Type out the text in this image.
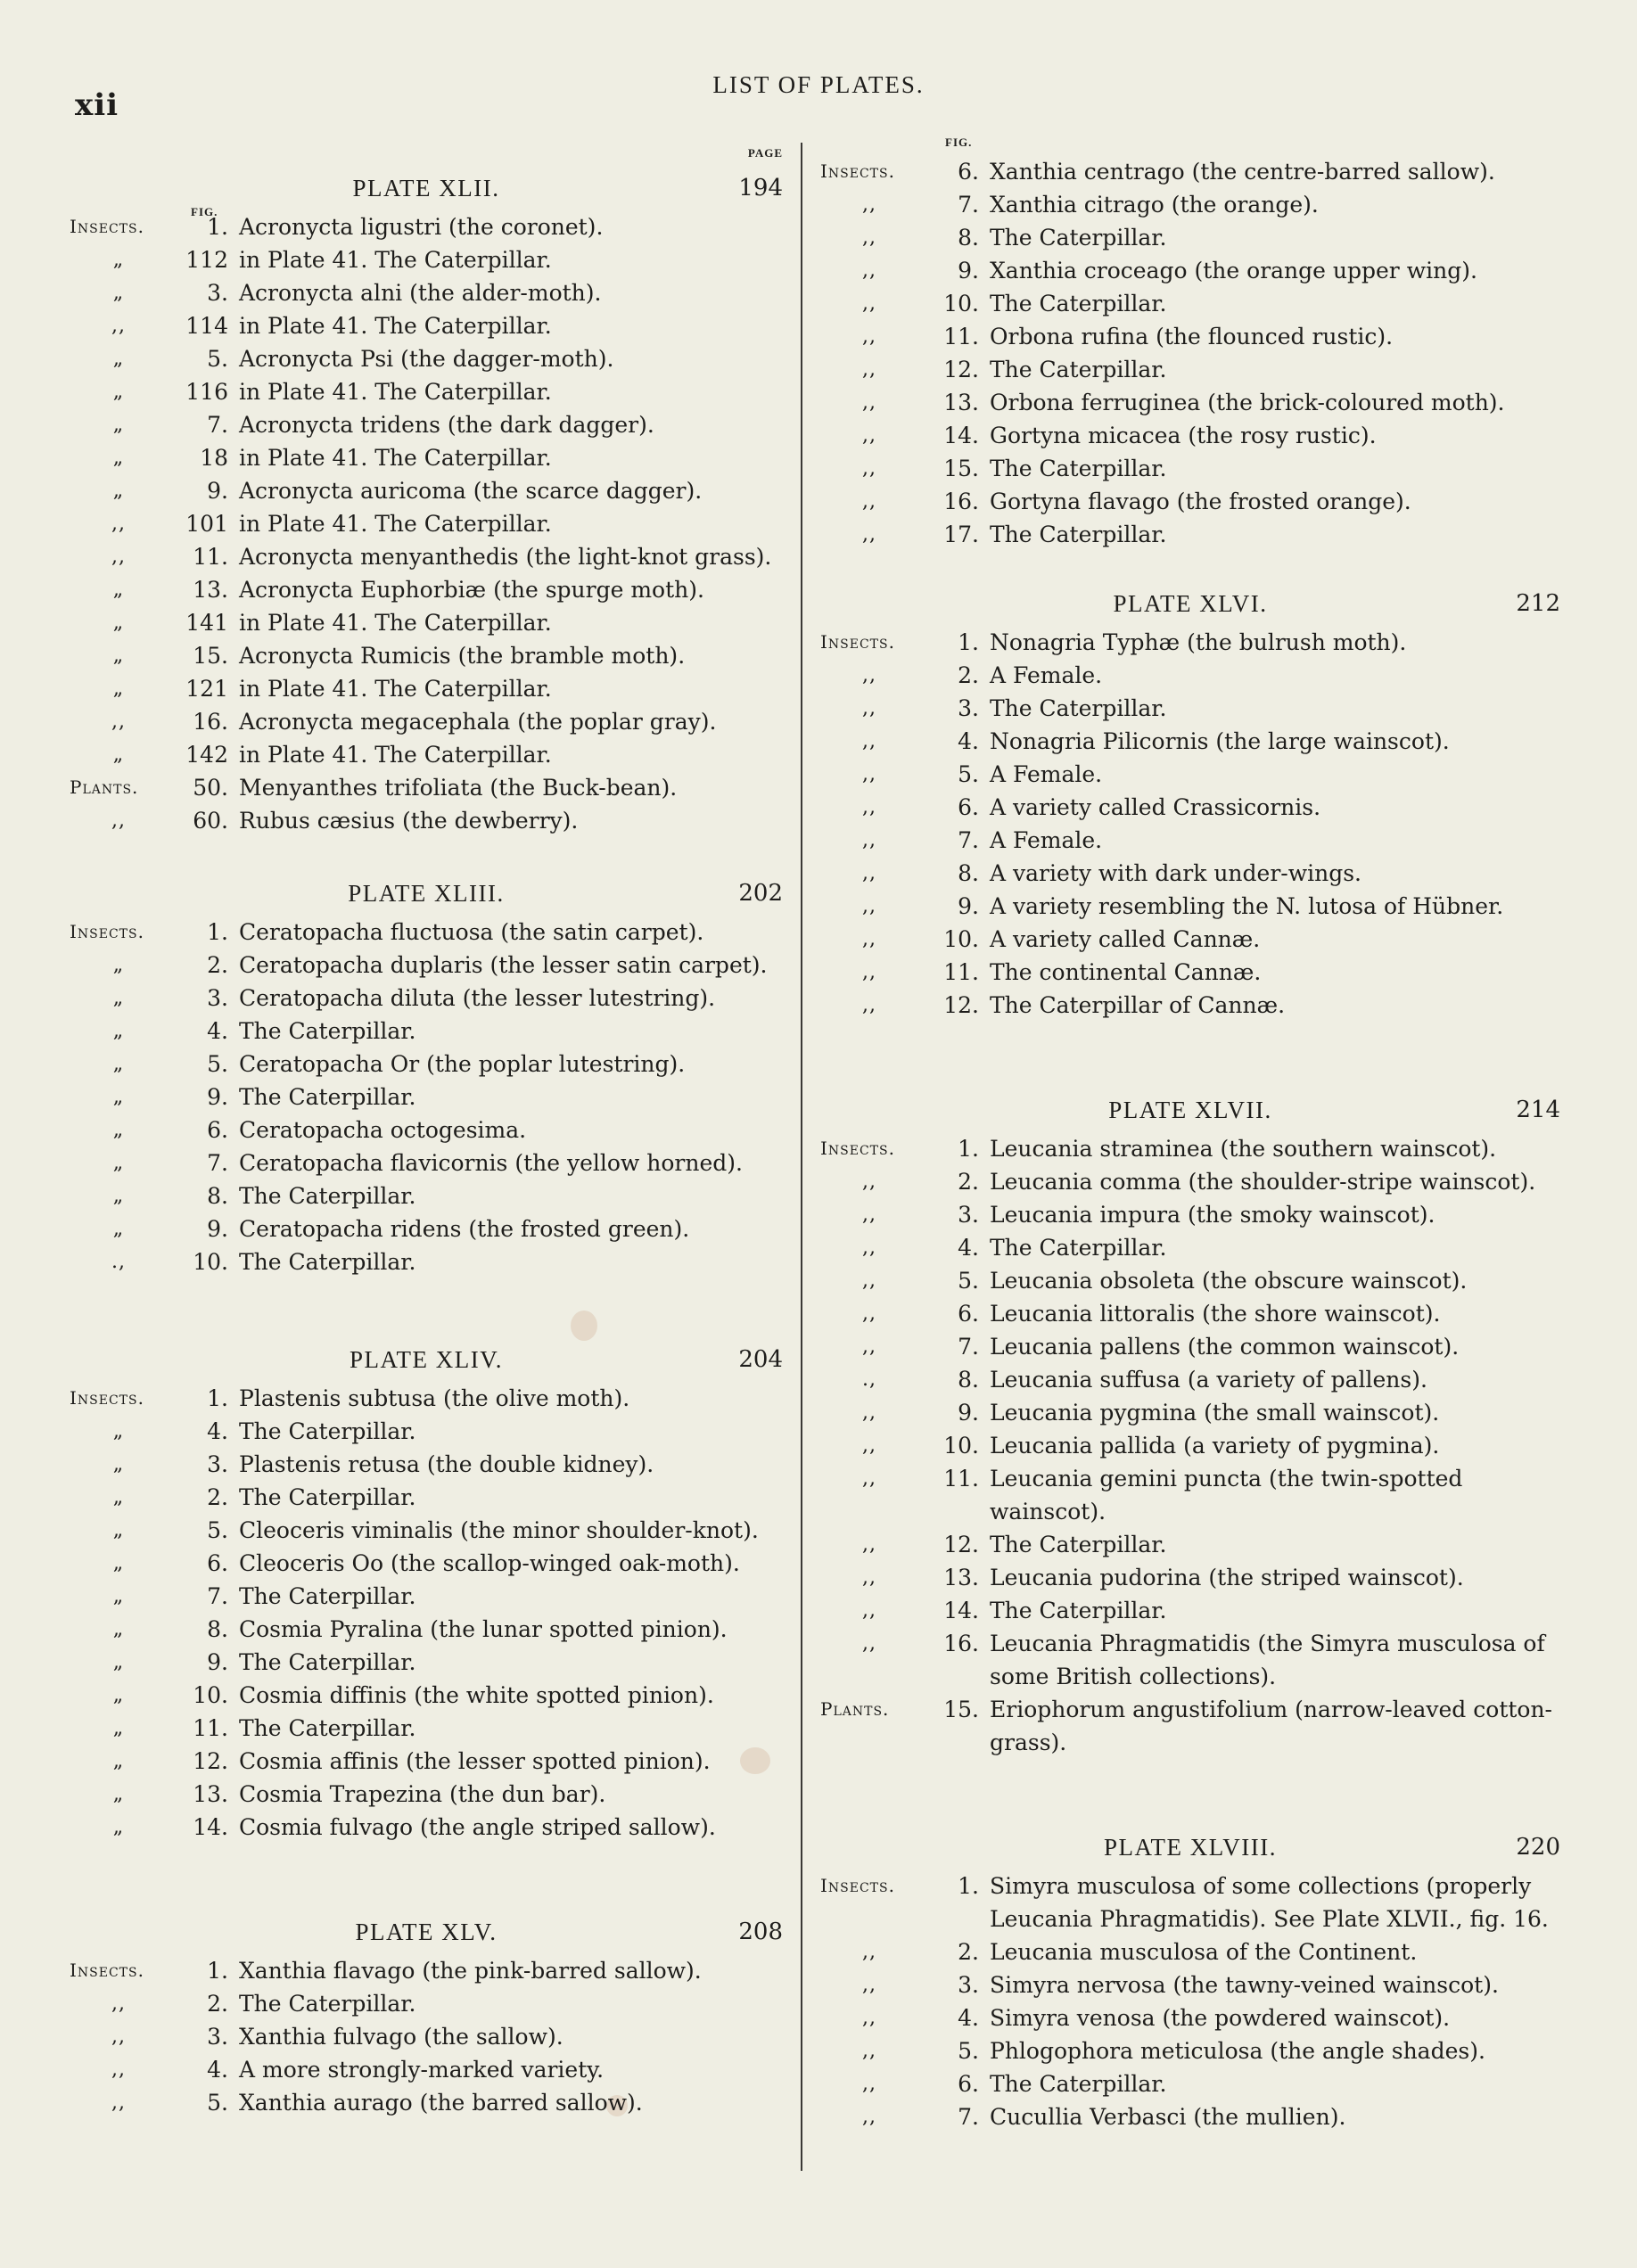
xii
LIST OF PLATES.
PAGE
FIG.
PLATE XLII.	194
Insects.	1. Acronycta ligustri (the coronet).
„	112 in Plate 41. The Caterpillar.
„	3. Acronycta alni (the alder-moth).
,,	114 in Plate 41. The Caterpillar.
„	5. Acronycta Psi (the dagger-moth).
„	116 in Plate 41. The Caterpillar.
„	7. Acronycta tridens (the dark dagger).
„	18 in Plate 41. The Caterpillar.
„	9. Acronycta auricoma (the scarce dagger).
,,	101 in Plate 41. The Caterpillar.
,,	11. Acronycta menyanthedis (the light-knot grass).
„	13. Acronycta Euphorbiæ (the spurge moth).
„	141 in Plate 41. The Caterpillar.
„	15. Acronycta Rumicis (the bramble moth).
„	121 in Plate 41. The Caterpillar.
,,	16. Acronycta megacephala (the poplar gray).
„	142 in Plate 41. The Caterpillar.
Plants.	50. Menyanthes trifoliata (the Buck-bean).
,,	60. Rubus cæsius (the dewberry).
PLATE XLIII.	202
Insects.	1. Ceratopacha fluctuosa (the satin carpet).
„	2. Ceratopacha duplaris (the lesser satin carpet).
„	3. Ceratopacha diluta (the lesser lutestring).
„	4. The Caterpillar.
„	5. Ceratopacha Or (the poplar lutestring).
„	9. The Caterpillar.
„	6. Ceratopacha octogesima.
„	7. Ceratopacha flavicornis (the yellow horned).
„	8. The Caterpillar.
„	9. Ceratopacha ridens (the frosted green).
.,	10. The Caterpillar.
PLATE XLIV.	204
Insects.	1. Plastenis subtusa (the olive moth).
„	4. The Caterpillar.
„	3. Plastenis retusa (the double kidney).
„	2. The Caterpillar.
„	5. Cleoceris viminalis (the minor shoulder-knot).
„	6. Cleoceris Oo (the scallop-winged oak-moth).
„	7. The Caterpillar.
„	8. Cosmia Pyralina (the lunar spotted pinion).
„	9. The Caterpillar.
„	10. Cosmia diffinis (the white spotted pinion).
„	11. The Caterpillar.
„	12. Cosmia affinis (the lesser spotted pinion).
„	13. Cosmia Trapezina (the dun bar).
„	14. Cosmia fulvago (the angle striped sallow).
PLATE XLV.	208
Insects.	1. Xanthia flavago (the pink-barred sallow).
,,	2. The Caterpillar.
,,	3. Xanthia fulvago (the sallow).
,,	4. A more strongly-marked variety.
,,	5. Xanthia aurago (the barred sallow).
FIG.
Insects.	6. Xanthia centrago (the centre-barred sallow).
,,	7. Xanthia citrago (the orange).
,,	8. The Caterpillar.
,,	9. Xanthia croceago (the orange upper wing).
,,	10. The Caterpillar.
,,	11. Orbona rufina (the flounced rustic).
,,	12. The Caterpillar.
,,	13. Orbona ferruginea (the brick-coloured moth).
,,	14. Gortyna micacea (the rosy rustic).
,,	15. The Caterpillar.
,,	16. Gortyna flavago (the frosted orange).
,,	17. The Caterpillar.
PLATE XLVI.	212
Insects.	1. Nonagria Typhæ (the bulrush moth).
,,	2. A Female.
,,	3. The Caterpillar.
,,	4. Nonagria Pilicornis (the large wainscot).
,,	5. A Female.
,,	6. A variety called Crassicornis.
,,	7. A Female.
,,	8. A variety with dark under-wings.
,,	9. A variety resembling the N. lutosa of Hübner.
,,	10. A variety called Cannæ.
,,	11. The continental Cannæ.
,,	12. The Caterpillar of Cannæ.
PLATE XLVII.	214
Insects.	1. Leucania straminea (the southern wainscot).
,,	2. Leucania comma (the shoulder-stripe wainscot).
,,	3. Leucania impura (the smoky wainscot).
,,	4. The Caterpillar.
,,	5. Leucania obsoleta (the obscure wainscot).
,,	6. Leucania littoralis (the shore wainscot).
,,	7. Leucania pallens (the common wainscot).
.,	8. Leucania suffusa (a variety of pallens).
,,	9. Leucania pygmina (the small wainscot).
,,	10. Leucania pallida (a variety of pygmina).
,,	11. Leucania gemini puncta (the twin-spotted wainscot).
,,	12. The Caterpillar.
,,	13. Leucania pudorina (the striped wainscot).
,,	14. The Caterpillar.
,,	16. Leucania Phragmatidis (the Simyra musculosa of some British collections).
Plants.	15. Eriophorum angustifolium (narrow-leaved cotton-grass).
PLATE XLVIII.	220
Insects.	1. Simyra musculosa of some collections (properly Leucania Phragmatidis). See Plate XLVII., fig. 16.
,,	2. Leucania musculosa of the Continent.
,,	3. Simyra nervosa (the tawny-veined wainscot).
,,	4. Simyra venosa (the powdered wainscot).
,,	5. Phlogophora meticulosa (the angle shades).
,,	6. The Caterpillar.
,,	7. Cucullia Verbasci (the mullien).
